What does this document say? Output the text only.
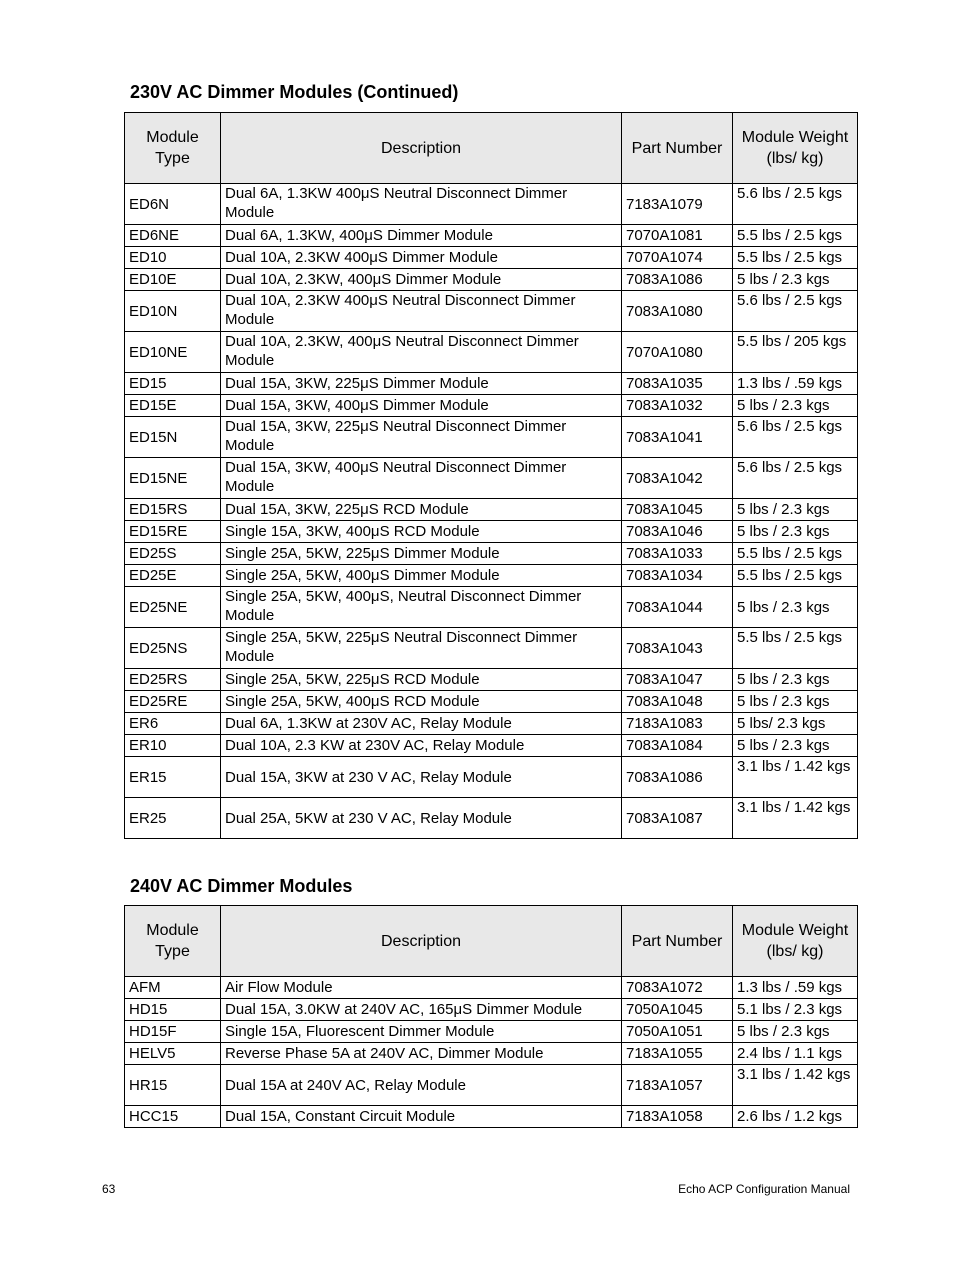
230V AC Dimmer Modules (Continued)
Module Type	Description	Part Number	Module Weight (lbs/ kg)
ED6N	Dual 6A, 1.3KW 400μS Neutral Disconnect Dimmer Module	7183A1079	5.6 lbs / 2.5 kgs
ED6NE	Dual 6A, 1.3KW, 400μS Dimmer Module	7070A1081	5.5 lbs / 2.5 kgs
ED10	Dual 10A, 2.3KW 400μS Dimmer Module	7070A1074	5.5 lbs / 2.5 kgs
ED10E	Dual 10A, 2.3KW, 400μS Dimmer Module	7083A1086	5 lbs / 2.3 kgs
ED10N	Dual 10A, 2.3KW 400μS Neutral Disconnect Dimmer Module	7083A1080	5.6 lbs / 2.5 kgs
ED10NE	Dual 10A, 2.3KW, 400μS Neutral Disconnect Dimmer Module	7070A1080	5.5 lbs / 205 kgs
ED15	Dual 15A, 3KW, 225μS Dimmer Module	7083A1035	1.3 lbs / .59 kgs
ED15E	Dual 15A, 3KW, 400μS Dimmer Module	7083A1032	5 lbs / 2.3 kgs
ED15N	Dual 15A, 3KW, 225μS Neutral Disconnect Dimmer Module	7083A1041	5.6 lbs / 2.5 kgs
ED15NE	Dual 15A, 3KW, 400μS Neutral Disconnect Dimmer Module	7083A1042	5.6 lbs / 2.5 kgs
ED15RS	Dual 15A, 3KW, 225μS RCD Module	7083A1045	5 lbs / 2.3 kgs
ED15RE	Single 15A, 3KW, 400μS RCD Module	7083A1046	5 lbs / 2.3 kgs
ED25S	Single 25A, 5KW, 225μS Dimmer Module	7083A1033	5.5 lbs / 2.5 kgs
ED25E	Single 25A, 5KW, 400μS Dimmer Module	7083A1034	5.5 lbs / 2.5 kgs
ED25NE	Single 25A, 5KW, 400μS, Neutral Disconnect Dimmer Module	7083A1044	5 lbs / 2.3 kgs
ED25NS	Single 25A, 5KW, 225μS Neutral Disconnect Dimmer Module	7083A1043	5.5 lbs / 2.5 kgs
ED25RS	Single 25A, 5KW, 225μS RCD Module	7083A1047	5 lbs / 2.3 kgs
ED25RE	Single 25A, 5KW, 400μS RCD Module	7083A1048	5 lbs / 2.3 kgs
ER6	Dual 6A, 1.3KW at 230V AC, Relay Module	7183A1083	5 lbs/ 2.3 kgs
ER10	Dual 10A, 2.3 KW at 230V AC, Relay Module	7083A1084	5 lbs / 2.3 kgs
ER15	Dual 15A, 3KW at 230 V AC, Relay Module	7083A1086	3.1 lbs / 1.42 kgs
ER25	Dual 25A, 5KW at 230 V AC, Relay Module	7083A1087	3.1 lbs / 1.42 kgs
240V AC Dimmer Modules
Module Type	Description	Part Number	Module Weight (lbs/ kg)
AFM	Air Flow Module	7083A1072	1.3 lbs / .59 kgs
HD15	Dual 15A, 3.0KW at 240V AC, 165μS Dimmer Module	7050A1045	5.1 lbs / 2.3 kgs
HD15F	Single 15A, Fluorescent Dimmer Module	7050A1051	5 lbs / 2.3 kgs
HELV5	Reverse Phase 5A at 240V AC, Dimmer Module	7183A1055	2.4 lbs / 1.1 kgs
HR15	Dual 15A at 240V AC, Relay Module	7183A1057	3.1 lbs / 1.42 kgs
HCC15	Dual 15A, Constant Circuit Module	7183A1058	2.6 lbs / 1.2 kgs
63	Echo ACP Configuration Manual
